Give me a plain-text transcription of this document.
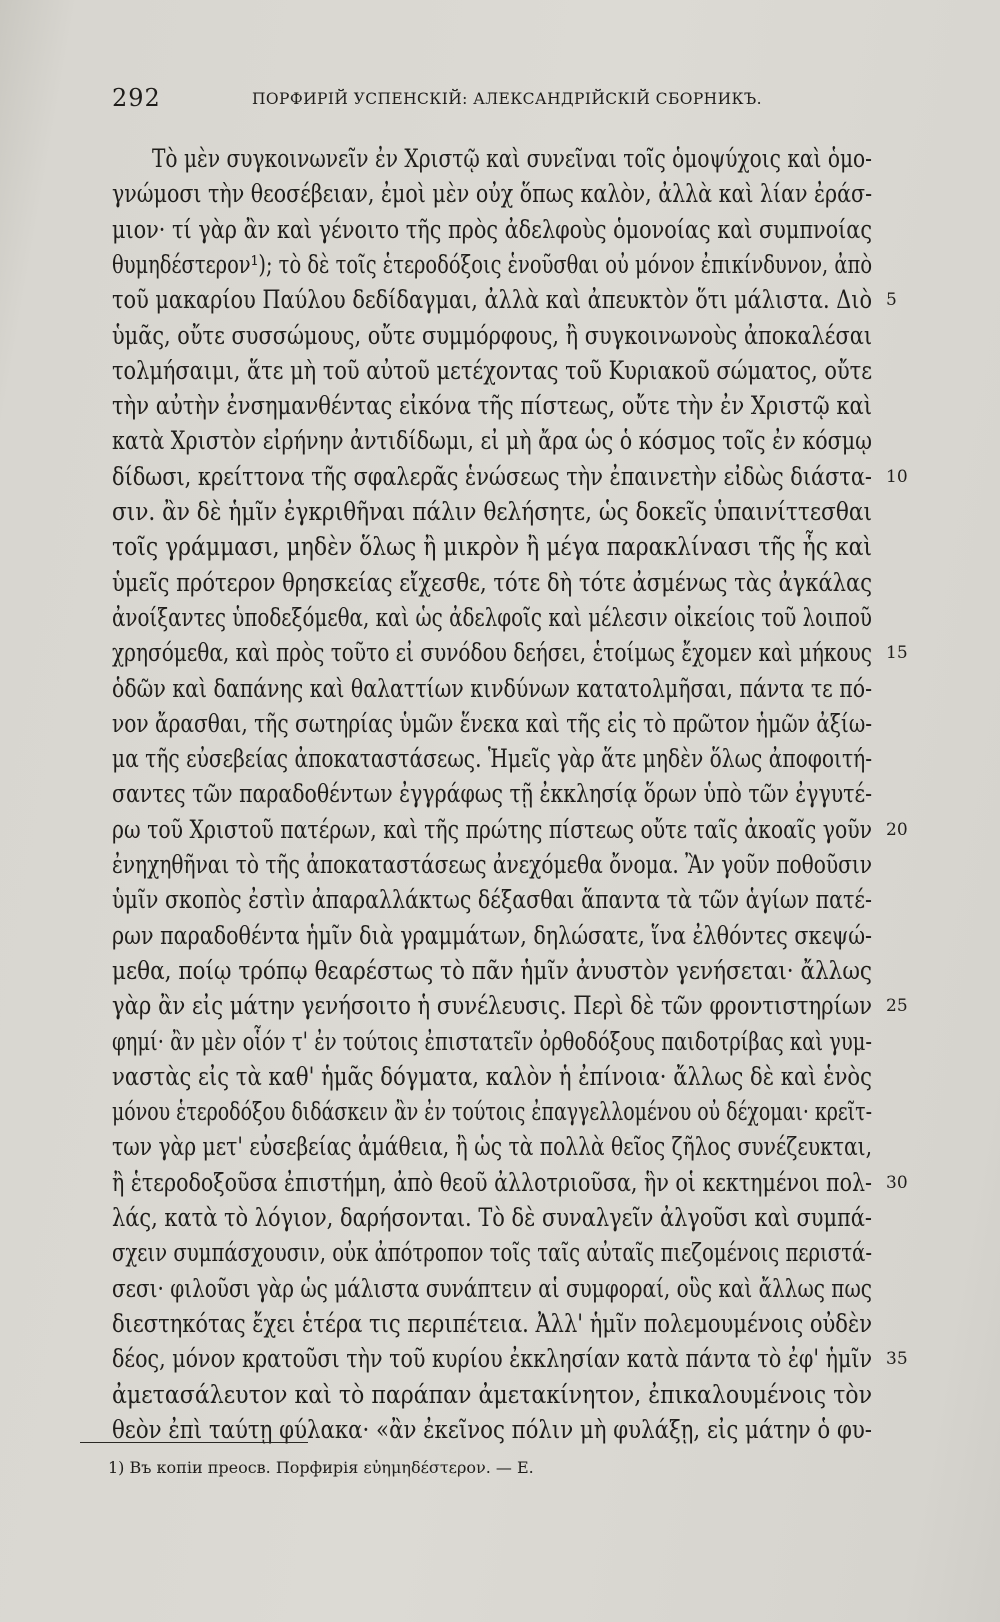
292	ПОРФИРІЙ УСПЕНСКІЙ: АЛЕКСАНДРІЙСКІЙ СБОРНИКЪ.
Τὸ μὲν συγκοινωνεῖν ἐν Χριστῷ καὶ συνεῖναι τοῖς ὁμοψύχοις καὶ ὁμο-
γνώμοσι τὴν θεοσέβειαν, ἐμοὶ μὲν οὐχ ὅπως καλὸν, ἀλλὰ καὶ λίαν ἐράσ-
μιον· τί γὰρ ἂν καὶ γένοιτο τῆς πρὸς ἀδελφοὺς ὁμονοίας καὶ συμπνοίας
θυμηδέστερον¹); τὸ δὲ τοῖς ἑτεροδόξοις ἑνοῦσθαι οὐ μόνον ἐπικίνδυνον, ἀπὸ
τοῦ μακαρίου Παύλου δεδίδαγμαι, ἀλλὰ καὶ ἀπευκτὸν ὅτι μάλιστα. Διὸ 5
ὑμᾶς, οὔτε συσσώμους, οὔτε συμμόρφους, ἢ συγκοινωνοὺς ἀποκαλέσαι
τολμήσαιμι, ἅτε μὴ τοῦ αὐτοῦ μετέχοντας τοῦ Κυριακοῦ σώματος, οὔτε
τὴν αὐτὴν ἐνσημανθέντας εἰκόνα τῆς πίστεως, οὔτε τὴν ἐν Χριστῷ καὶ
κατὰ Χριστὸν εἰρήνην ἀντιδίδωμι, εἰ μὴ ἄρα ὡς ὁ κόσμος τοῖς ἐν κόσμῳ
δίδωσι, κρείττονα τῆς σφαλερᾶς ἑνώσεως τὴν ἐπαινετὴν εἰδὼς διάστα- 10
σιν. ἂν δὲ ἡμῖν ἐγκριθῆναι πάλιν θελήσητε, ὡς δοκεῖς ὑπαινίττεσθαι
τοῖς γράμμασι, μηδὲν ὅλως ἢ μικρὸν ἢ μέγα παρακλίνασι τῆς ἧς καὶ
ὑμεῖς πρότερον θρησκείας εἴχεσθε, τότε δὴ τότε ἀσμένως τὰς ἀγκάλας
ἀνοίξαντες ὑποδεξόμεθα, καὶ ὡς ἀδελφοῖς καὶ μέλεσιν οἰκείοις τοῦ λοιποῦ
χρησόμεθα, καὶ πρὸς τοῦτο εἰ συνόδου δεήσει, ἑτοίμως ἔχομεν καὶ μήκους 15
ὁδῶν καὶ δαπάνης καὶ θαλαττίων κινδύνων κατατολμῆσαι, πάντα τε πό-
νον ἄρασθαι, τῆς σωτηρίας ὑμῶν ἕνεκα καὶ τῆς εἰς τὸ πρῶτον ἡμῶν ἀξίω-
μα τῆς εὐσεβείας ἀποκαταστάσεως. Ἡμεῖς γὰρ ἅτε μηδὲν ὅλως ἀποφοιτή-
σαντες τῶν παραδοθέντων ἐγγράφως τῇ ἐκκλησίᾳ ὅρων ὑπὸ τῶν ἐγγυτέ-
ρω τοῦ Χριστοῦ πατέρων, καὶ τῆς πρώτης πίστεως οὔτε ταῖς ἀκοαῖς γοῦν 20
ἐνηχηθῆναι τὸ τῆς ἀποκαταστάσεως ἀνεχόμεθα ὄνομα. Ἂν γοῦν ποθοῦσιν
ὑμῖν σκοπὸς ἐστὶν ἀπαραλλάκτως δέξασθαι ἅπαντα τὰ τῶν ἁγίων πατέ-
ρων παραδοθέντα ἡμῖν διὰ γραμμάτων, δηλώσατε, ἵνα ἐλθόντες σκεψώ-
μεθα, ποίῳ τρόπῳ θεαρέστως τὸ πᾶν ἡμῖν ἀνυστὸν γενήσεται· ἄλλως
γὰρ ἂν εἰς μάτην γενήσοιτο ἡ συνέλευσις. Περὶ δὲ τῶν φροντιστηρίων 25
φημί· ἂν μὲν οἷόν τ' ἐν τούτοις ἐπιστατεῖν ὀρθοδόξους παιδοτρίβας καὶ γυμ-
ναστὰς εἰς τὰ καθ' ἡμᾶς δόγματα, καλὸν ἡ ἐπίνοια· ἄλλως δὲ καὶ ἑνὸς
μόνου ἑτεροδόξου διδάσκειν ἂν ἐν τούτοις ἐπαγγελλομένου οὐ δέχομαι· κρεῖτ-
των γὰρ μετ' εὐσεβείας ἀμάθεια, ἢ ὡς τὰ πολλὰ θεῖος ζῆλος συνέζευκται,
ἢ ἑτεροδοξοῦσα ἐπιστήμη, ἀπὸ θεοῦ ἀλλοτριοῦσα, ἣν οἱ κεκτημένοι πολ- 30
λάς, κατὰ τὸ λόγιον, δαρήσονται. Τὸ δὲ συναλγεῖν ἀλγοῦσι καὶ συμπά-
σχειν συμπάσχουσιν, οὐκ ἀπότροπον τοῖς ταῖς αὐταῖς πιεζομένοις περιστά-
σεσι· φιλοῦσι γὰρ ὡς μάλιστα συνάπτειν αἱ συμφοραί, οὓς καὶ ἄλλως πως
διεστηκότας ἔχει ἑτέρα τις περιπέτεια. Ἀλλ' ἡμῖν πολεμουμένοις οὐδὲν
δέος, μόνον κρατοῦσι τὴν τοῦ κυρίου ἐκκλησίαν κατὰ πάντα τὸ ἐφ' ἡμῖν 35
ἀμετασάλευτον καὶ τὸ παράπαν ἀμετακίνητον, ἐπικαλουμένοις τὸν
θεὸν ἐπὶ ταύτῃ φύλακα· «ἂν ἐκεῖνος πόλιν μὴ φυλάξῃ, εἰς μάτην ὁ φυ-
1) Въ копіи преосв. Порфирія εὐημηδέστερον. — Е.
